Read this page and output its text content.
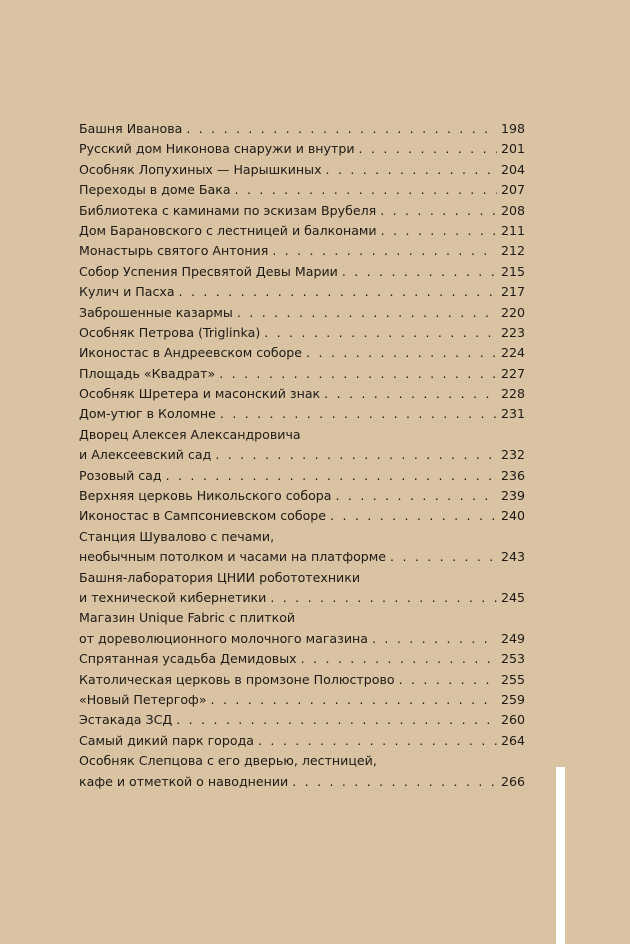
Башня Иванова . . .	198
Русский дом Никонова снаружи и внутри . . .	201
Особняк Лопухиных — Нарышкиных . . .	204
Переходы в доме Бака . . .	207
Библиотека с каминами по эскизам Врубеля . . .	208
Дом Барановского с лестницей и балконами . . .	211
Монастырь святого Антония . . .	212
Собор Успения Пресвятой Девы Марии . . .	215
Кулич и Пасха . . .	217
Заброшенные казармы . . .	220
Особняк Петрова (Triglinka) . . .	223
Иконостас в Андреевском соборе . . .	224
Площадь «Квадрат» . . .	227
Особняк Шретера и масонский знак . . .	228
Дом-утюг в Коломне . . .	231
Дворец Алексея Александровича
и Алексеевский сад . . .	232
Розовый сад . . .	236
Верхняя церковь Никольского собора . . .	239
Иконостас в Сампсониевском соборе . . .	240
Станция Шувалово с печами,
необычным потолком и часами на платформе . . .	243
Башня-лаборатория ЦНИИ робототехники
и технической кибернетики . . .	245
Магазин Unique Fabric с плиткой
от дореволюционного молочного магазина . . .	249
Спрятанная усадьба Демидовых . . .	253
Католическая церковь в промзоне Полюстрово . . .	255
«Новый Петергоф» . . .	259
Эстакада ЗСД . . .	260
Самый дикий парк города . . .	264
Особняк Слепцова с его дверью, лестницей,
кафе и отметкой о наводнении . . .	266
